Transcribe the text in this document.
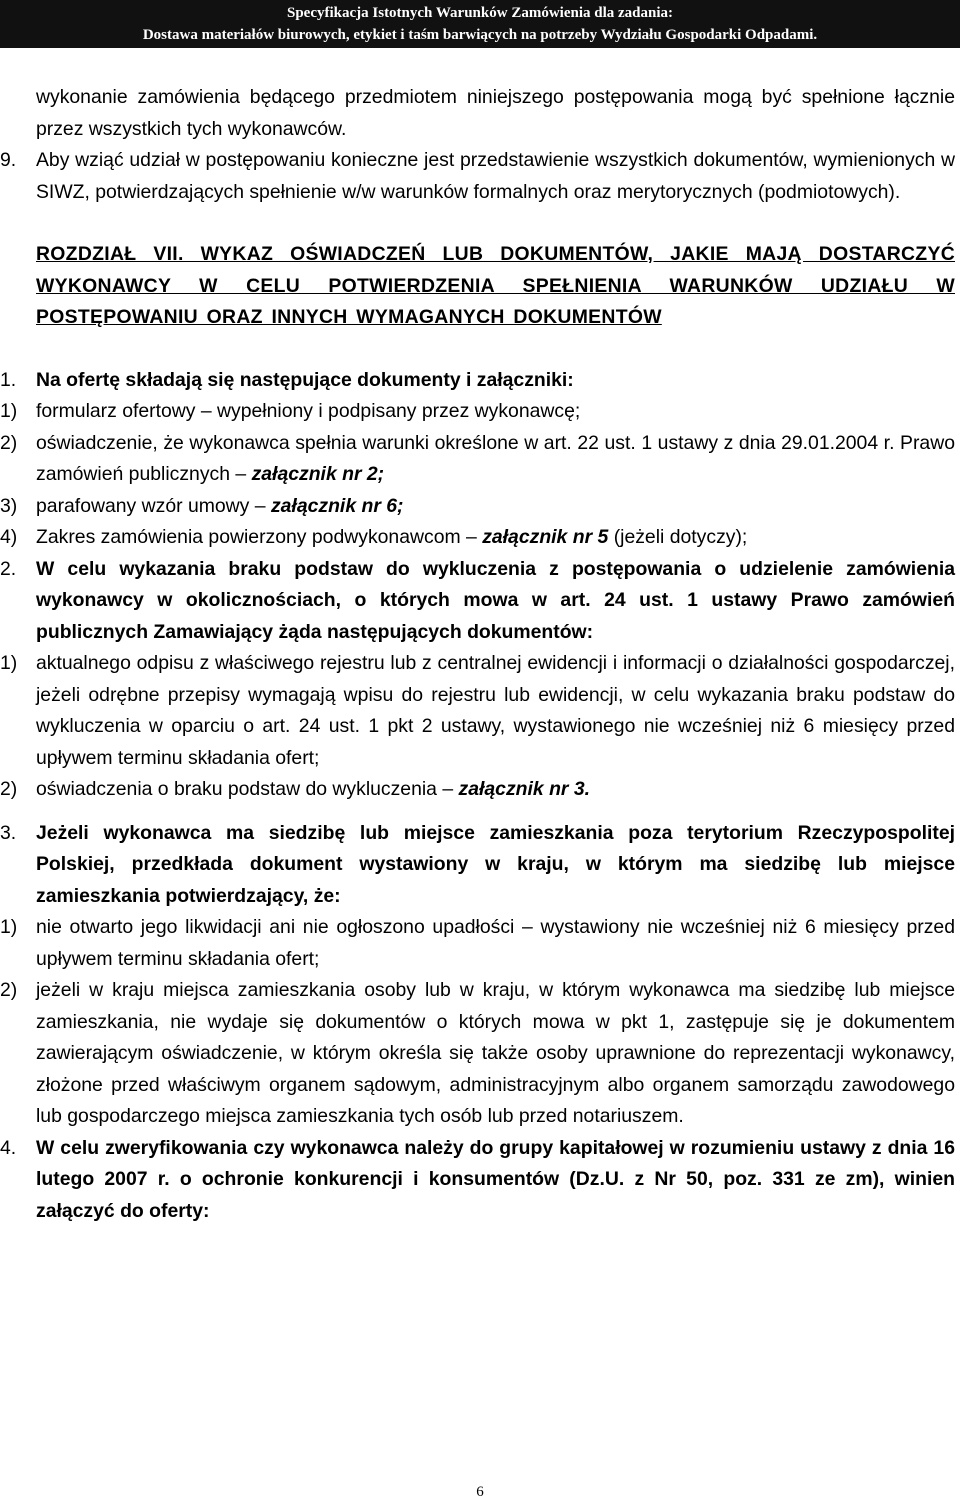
Specyfikacja Istotnych Warunków Zamówienia dla zadania:
Dostawa materiałów biurowych, etykiet i taśm barwiących na potrzeby Wydziału Gospodarki Odpadami.
wykonanie zamówienia będącego przedmiotem niniejszego postępowania mogą być spełnione łącznie przez wszystkich tych wykonawców.
9.	Aby wziąć udział w postępowaniu konieczne jest przedstawienie wszystkich dokumentów, wymienionych w SIWZ, potwierdzających spełnienie w/w warunków formalnych oraz merytorycznych (podmiotowych).
ROZDZIAŁ VII. WYKAZ OŚWIADCZEŃ LUB DOKUMENTÓW, JAKIE MAJĄ DOSTARCZYĆ WYKONAWCY W CELU POTWIERDZENIA SPEŁNIENIA WARUNKÓW UDZIAŁU W POSTĘPOWANIU ORAZ INNYCH WYMAGANYCH DOKUMENTÓW
1.	Na ofertę składają się następujące dokumenty i załączniki:
1) formularz ofertowy – wypełniony i podpisany przez wykonawcę;
2) oświadczenie, że wykonawca spełnia warunki określone w art. 22 ust. 1 ustawy z dnia 29.01.2004 r. Prawo zamówień publicznych – załącznik nr 2;
3) parafowany wzór umowy – załącznik nr 6;
4) Zakres zamówienia powierzony podwykonawcom – załącznik nr 5 (jeżeli dotyczy);
2.	W celu wykazania braku podstaw do wykluczenia z postępowania o udzielenie zamówienia wykonawcy w okolicznościach, o których mowa w art. 24 ust. 1 ustawy Prawo zamówień publicznych Zamawiający żąda następujących dokumentów:
1) aktualnego odpisu z właściwego rejestru lub z centralnej ewidencji i informacji o działalności gospodarczej, jeżeli odrębne przepisy wymagają wpisu do rejestru lub ewidencji, w celu wykazania braku podstaw do wykluczenia w oparciu o art. 24 ust. 1 pkt 2 ustawy, wystawionego nie wcześniej niż 6 miesięcy przed upływem terminu składania ofert;
2) oświadczenia o braku podstaw do wykluczenia – załącznik nr 3.
3.	Jeżeli wykonawca ma siedzibę lub miejsce zamieszkania poza terytorium Rzeczypospolitej Polskiej, przedkłada dokument wystawiony w kraju, w którym ma siedzibę lub miejsce zamieszkania potwierdzający, że:
1) nie otwarto jego likwidacji ani nie ogłoszono upadłości – wystawiony nie wcześniej niż 6 miesięcy przed upływem terminu składania ofert;
2) jeżeli w kraju miejsca zamieszkania osoby lub w kraju, w którym wykonawca ma siedzibę lub miejsce zamieszkania, nie wydaje się dokumentów o których mowa w pkt 1, zastępuje się je dokumentem zawierającym oświadczenie, w którym określa się także osoby uprawnione do reprezentacji wykonawcy, złożone przed właściwym organem sądowym, administracyjnym albo organem samorządu zawodowego lub gospodarczego miejsca zamieszkania tych osób lub przed notariuszem.
4.	W celu zweryfikowania czy wykonawca należy do grupy kapitałowej w rozumieniu ustawy z dnia 16 lutego 2007 r. o ochronie konkurencji i konsumentów (Dz.U. z Nr 50, poz. 331 ze zm), winien załączyć do oferty:
6
